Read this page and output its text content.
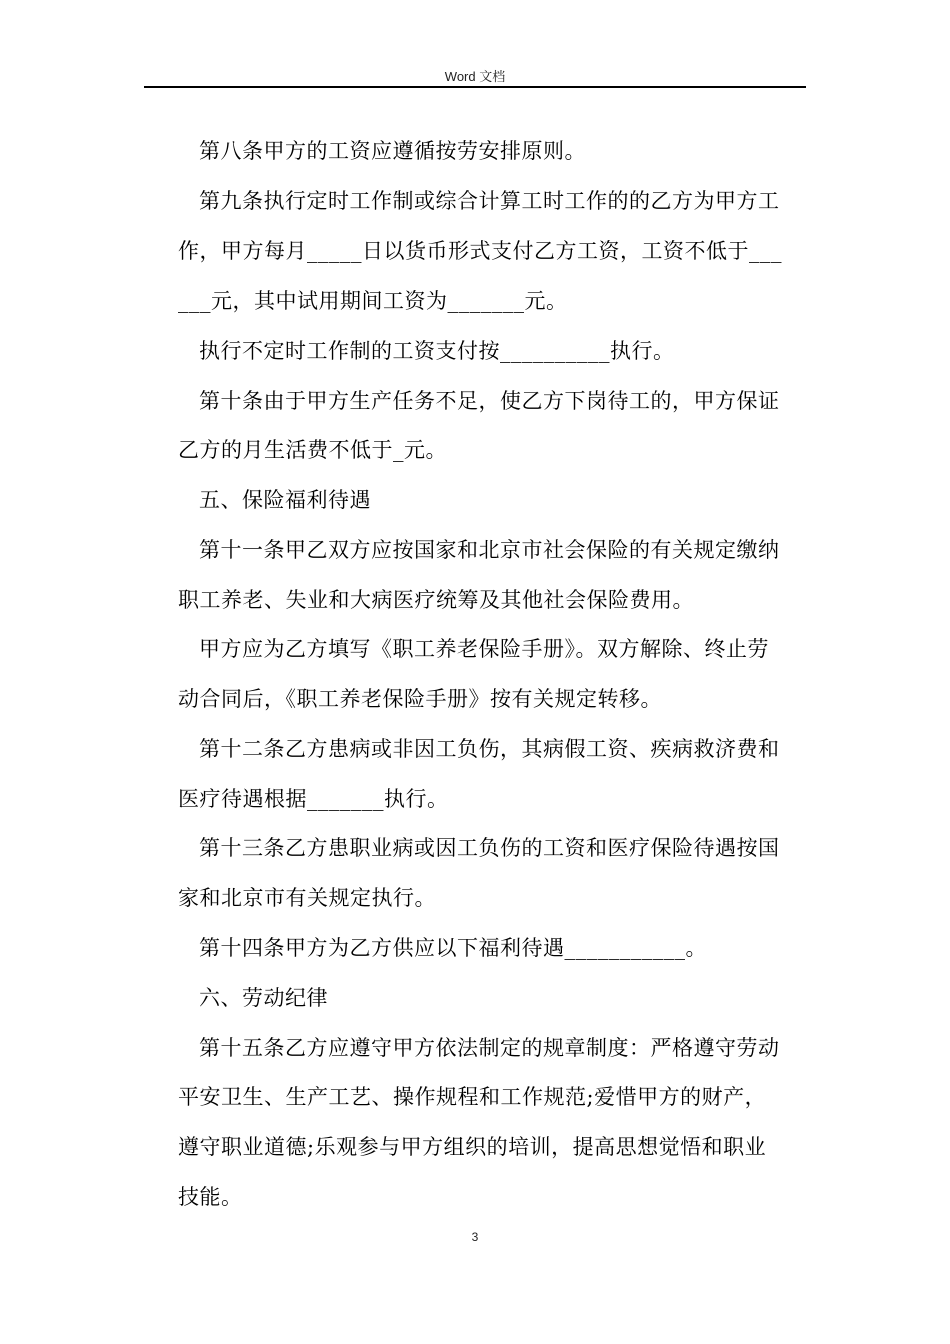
Word 文档
第八条甲方的工资应遵循按劳安排原则。
第九条执行定时工作制或综合计算工时工作的的乙方为甲方工
作，甲方每月_____日以货币形式支付乙方工资，工资不低于___
___元，其中试用期间工资为_______元。
执行不定时工作制的工资支付按__________执行。
第十条由于甲方生产任务不足，使乙方下岗待工的，甲方保证
乙方的月生活费不低于_元。
五、保险福利待遇
第十一条甲乙双方应按国家和北京市社会保险的有关规定缴纳
职工养老、失业和大病医疗统筹及其他社会保险费用。
甲方应为乙方填写《职工养老保险手册》。双方解除、终止劳
动合同后，《职工养老保险手册》按有关规定转移。
第十二条乙方患病或非因工负伤，其病假工资、疾病救济费和
医疗待遇根据_______执行。
第十三条乙方患职业病或因工负伤的工资和医疗保险待遇按国
家和北京市有关规定执行。
第十四条甲方为乙方供应以下福利待遇___________。
六、劳动纪律
第十五条乙方应遵守甲方依法制定的规章制度：严格遵守劳动
平安卫生、生产工艺、操作规程和工作规范;爱惜甲方的财产，
遵守职业道德;乐观参与甲方组织的培训，提高思想觉悟和职业
技能。
3
